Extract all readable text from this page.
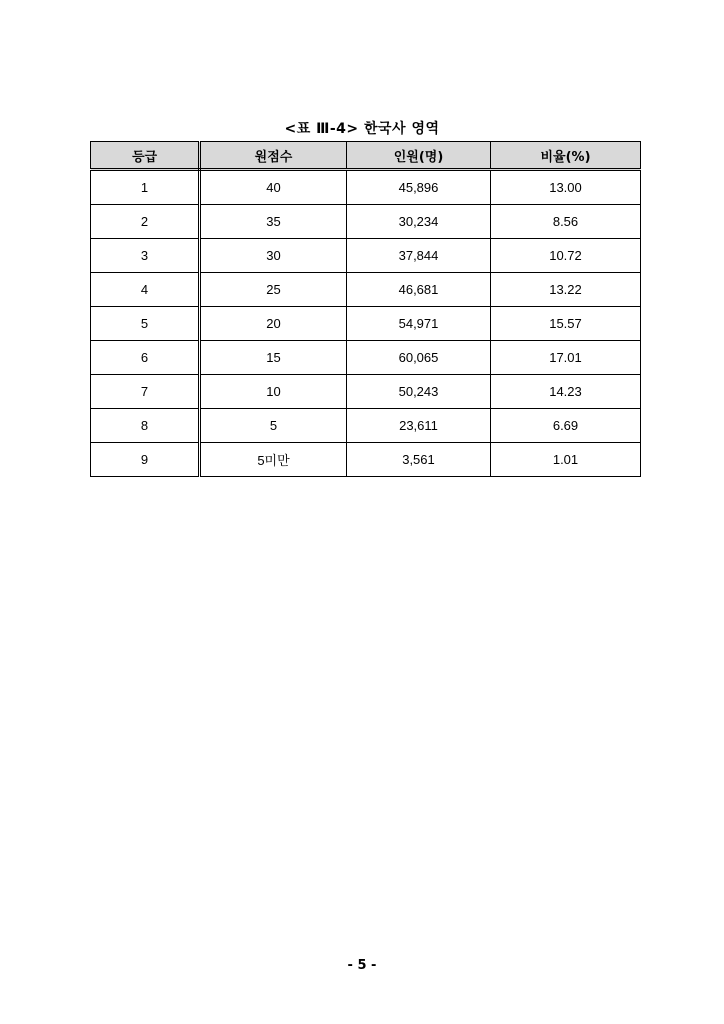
<표 Ⅲ-4> 한국사 영역
등급	원점수	인원(명)	비율(%)
1	40	45,896	13.00
2	35	30,234	8.56
3	30	37,844	10.72
4	25	46,681	13.22
5	20	54,971	15.57
6	15	60,065	17.01
7	10	50,243	14.23
8	5	23,611	6.69
9	5미만	3,561	1.01
- 5 -
